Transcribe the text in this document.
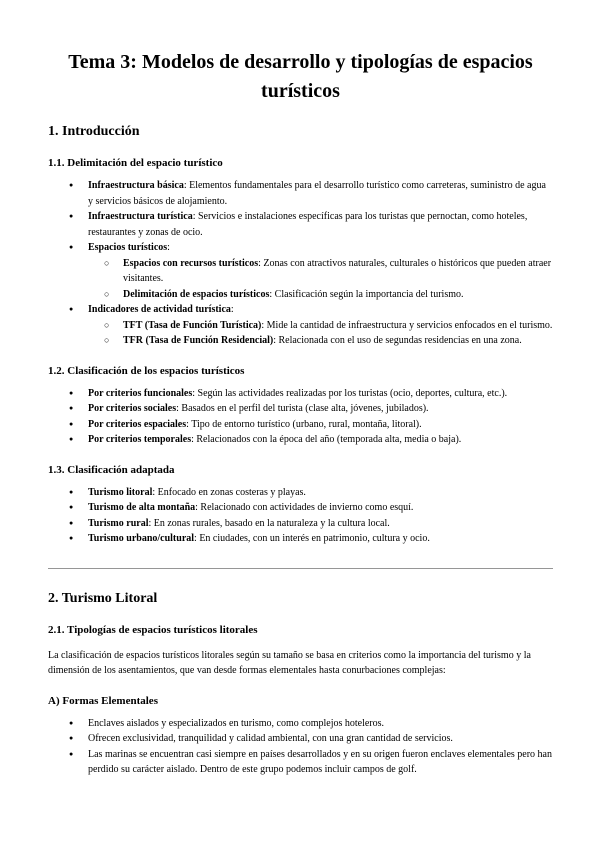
Tema 3: Modelos de desarrollo y tipologías de espacios
turísticos
1. Introducción
1.1. Delimitación del espacio turístico
●	Infraestructura básica: Elementos fundamentales para el desarrollo turístico como carreteras, suministro de agua y servicios básicos de alojamiento.
●	Infraestructura turística: Servicios e instalaciones específicas para los turistas que pernoctan, como hoteles, restaurantes y zonas de ocio.
●	Espacios turísticos:
○	Espacios con recursos turísticos: Zonas con atractivos naturales, culturales o históricos que pueden atraer visitantes.
○	Delimitación de espacios turísticos: Clasificación según la importancia del turismo.
●	Indicadores de actividad turística:
○	TFT (Tasa de Función Turística): Mide la cantidad de infraestructura y servicios enfocados en el turismo.
○	TFR (Tasa de Función Residencial): Relacionada con el uso de segundas residencias en una zona.
1.2. Clasificación de los espacios turísticos
●	Por criterios funcionales: Según las actividades realizadas por los turistas (ocio, deportes, cultura, etc.).
●	Por criterios sociales: Basados en el perfil del turista (clase alta, jóvenes, jubilados).
●	Por criterios espaciales: Tipo de entorno turístico (urbano, rural, montaña, litoral).
●	Por criterios temporales: Relacionados con la época del año (temporada alta, media o baja).
1.3. Clasificación adaptada
●	Turismo litoral: Enfocado en zonas costeras y playas.
●	Turismo de alta montaña: Relacionado con actividades de invierno como esquí.
●	Turismo rural: En zonas rurales, basado en la naturaleza y la cultura local.
●	Turismo urbano/cultural: En ciudades, con un interés en patrimonio, cultura y ocio.
2. Turismo Litoral
2.1. Tipologías de espacios turísticos litorales
La clasificación de espacios turísticos litorales según su tamaño se basa en criterios como la importancia del turismo y la dimensión de los asentamientos, que van desde formas elementales hasta conurbaciones complejas:
A) Formas Elementales
●	Enclaves aislados y especializados en turismo, como complejos hoteleros.
●	Ofrecen exclusividad, tranquilidad y calidad ambiental, con una gran cantidad de servicios.
●	Las marinas se encuentran casi siempre en países desarrollados y en su origen fueron enclaves elementales pero han perdido su carácter aislado. Dentro de este grupo podemos incluir campos de golf.
